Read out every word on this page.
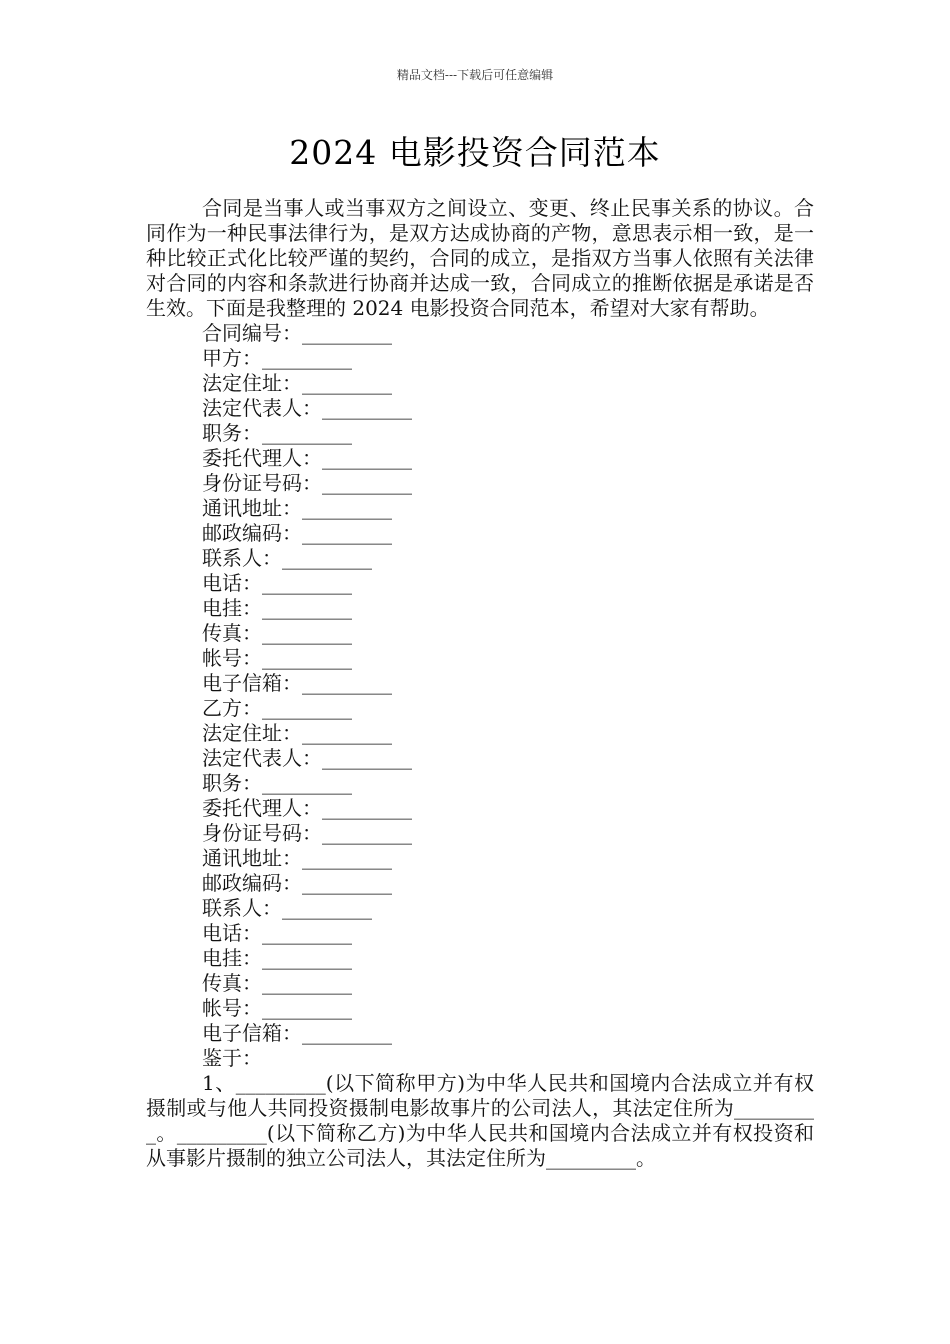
精品文档---下载后可任意编辑
2024 电影投资合同范本

合同是当事人或当事双方之间设立、变更、终止民事关系的协议。合同作为一种民事法律行为，是双方达成协商的产物，意思表示相一致，是一种比较正式化比较严谨的契约，合同的成立，是指双方当事人依照有关法律对合同的内容和条款进行协商并达成一致，合同成立的推断依据是承诺是否生效。下面是我整理的 2024 电影投资合同范本，希望对大家有帮助。

合同编号：_________

甲方：_________

法定住址：_________

法定代表人：_________

职务：_________

委托代理人：_________

身份证号码：_________

通讯地址：_________

邮政编码：_________

联系人：_________

电话：_________

电挂：_________

传真：_________

帐号：_________

电子信箱：_________

乙方：_________

法定住址：_________

法定代表人：_________

职务：_________

委托代理人：_________

身份证号码：_________

通讯地址：_________

邮政编码：_________

联系人：_________

电话：_________

电挂：_________

传真：_________

帐号：_________

电子信箱：_________

鉴于：

1、_________(以下简称甲方)为中华人民共和国境内合法成立并有权摄制或与他人共同投资摄制电影故事片的公司法人，其法定住所为_________。_________(以下简称乙方)为中华人民共和国境内合法成立并有权投资和从事影片摄制的独立公司法人，其法定住所为_________。
